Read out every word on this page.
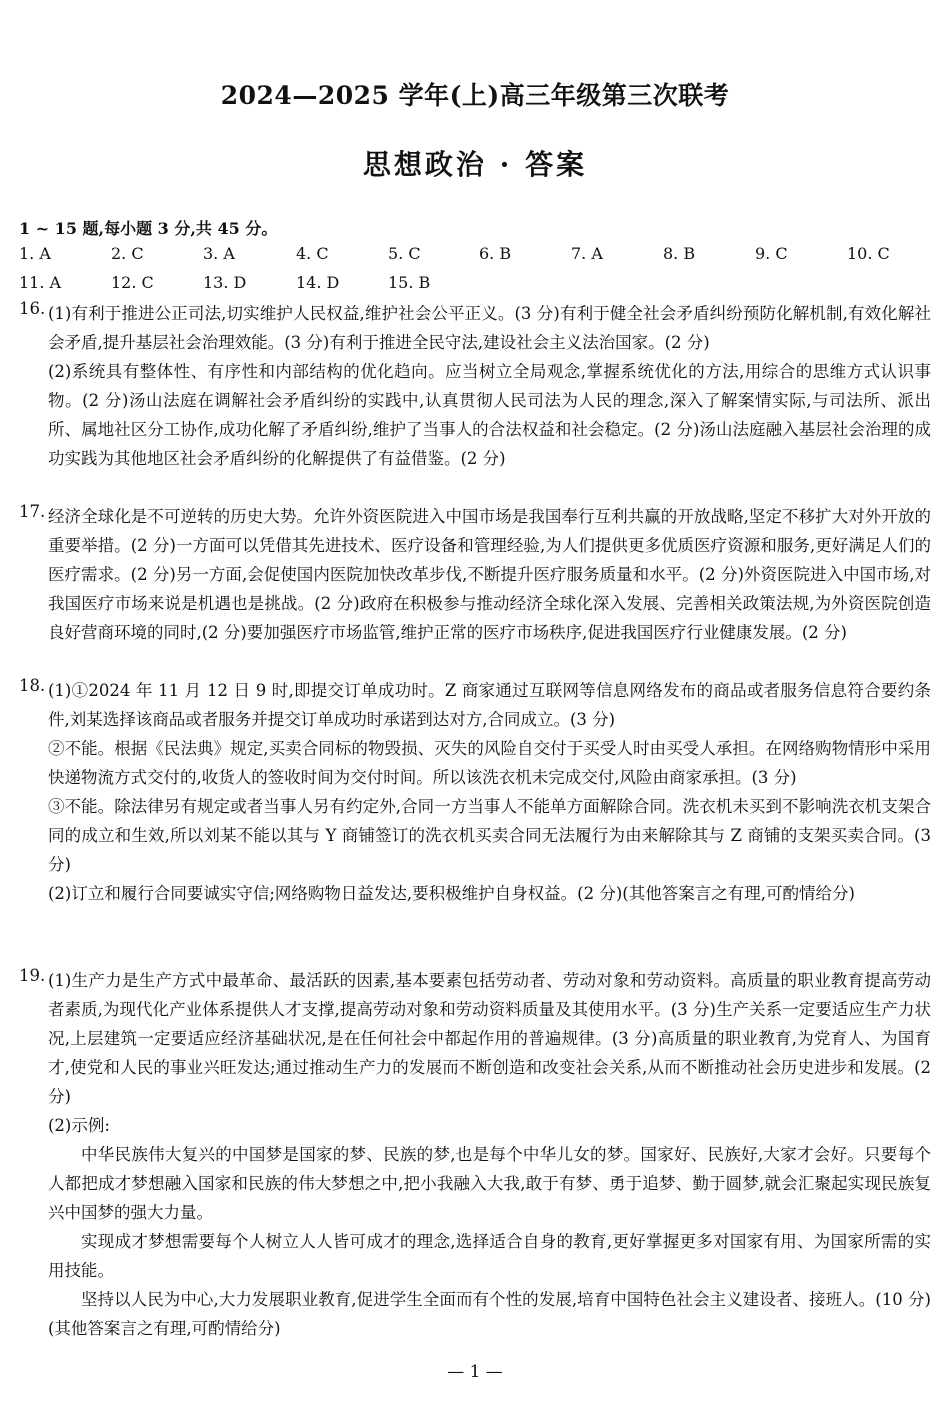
2024—2025 学年(上)高三年级第三次联考
思想政治 · 答案
1 ~ 15 题,每小题 3 分,共 45 分。
1. A	2. C	3. A	4. C	5. C	6. B	7. A	8. B	9. C	10. C
11. A	12. C	13. D	14. D	15. B
16. (1)有利于推进公正司法,切实维护人民权益,维护社会公平正义。(3 分)有利于健全社会矛盾纠纷预防化解机制,有效化解社会矛盾,提升基层社会治理效能。(3 分)有利于推进全民守法,建设社会主义法治国家。(2 分)

(2)系统具有整体性、有序性和内部结构的优化趋向。应当树立全局观念,掌握系统优化的方法,用综合的思维方式认识事物。(2 分)汤山法庭在调解社会矛盾纠纷的实践中,认真贯彻人民司法为人民的理念,深入了解案情实际,与司法所、派出所、属地社区分工协作,成功化解了矛盾纠纷,维护了当事人的合法权益和社会稳定。(2 分)汤山法庭融入基层社会治理的成功实践为其他地区社会矛盾纠纷的化解提供了有益借鉴。(2 分)

17. 经济全球化是不可逆转的历史大势。允许外资医院进入中国市场是我国奉行互利共赢的开放战略,坚定不移扩大对外开放的重要举措。(2 分)一方面可以凭借其先进技术、医疗设备和管理经验,为人们提供更多优质医疗资源和服务,更好满足人们的医疗需求。(2 分)另一方面,会促使国内医院加快改革步伐,不断提升医疗服务质量和水平。(2 分)外资医院进入中国市场,对我国医疗市场来说是机遇也是挑战。(2 分)政府在积极参与推动经济全球化深入发展、完善相关政策法规,为外资医院创造良好营商环境的同时,(2 分)要加强医疗市场监管,维护正常的医疗市场秩序,促进我国医疗行业健康发展。(2 分)

18. (1)①2024 年 11 月 12 日 9 时,即提交订单成功时。Z 商家通过互联网等信息网络发布的商品或者服务信息符合要约条件,刘某选择该商品或者服务并提交订单成功时承诺到达对方,合同成立。(3 分)

②不能。根据《民法典》规定,买卖合同标的物毁损、灭失的风险自交付于买受人时由买受人承担。在网络购物情形中采用快递物流方式交付的,收货人的签收时间为交付时间。所以该洗衣机未完成交付,风险由商家承担。(3 分)

③不能。除法律另有规定或者当事人另有约定外,合同一方当事人不能单方面解除合同。洗衣机未买到不影响洗衣机支架合同的成立和生效,所以刘某不能以其与 Y 商铺签订的洗衣机买卖合同无法履行为由来解除其与 Z 商铺的支架买卖合同。(3 分)

(2)订立和履行合同要诚实守信;网络购物日益发达,要积极维护自身权益。(2 分)(其他答案言之有理,可酌情给分)

19. (1)生产力是生产方式中最革命、最活跃的因素,基本要素包括劳动者、劳动对象和劳动资料。高质量的职业教育提高劳动者素质,为现代化产业体系提供人才支撑,提高劳动对象和劳动资料质量及其使用水平。(3 分)生产关系一定要适应生产力状况,上层建筑一定要适应经济基础状况,是在任何社会中都起作用的普遍规律。(3 分)高质量的职业教育,为党育人、为国育才,使党和人民的事业兴旺发达;通过推动生产力的发展而不断创造和改变社会关系,从而不断推动社会历史进步和发展。(2 分)

(2)示例:

中华民族伟大复兴的中国梦是国家的梦、民族的梦,也是每个中华儿女的梦。国家好、民族好,大家才会好。只要每个人都把成才梦想融入国家和民族的伟大梦想之中,把小我融入大我,敢于有梦、勇于追梦、勤于圆梦,就会汇聚起实现民族复兴中国梦的强大力量。

实现成才梦想需要每个人树立人人皆可成才的理念,选择适合自身的教育,更好掌握更多对国家有用、为国家所需的实用技能。

坚持以人民为中心,大力发展职业教育,促进学生全面而有个性的发展,培育中国特色社会主义建设者、接班人。(10 分)(其他答案言之有理,可酌情给分)

— 1 —
